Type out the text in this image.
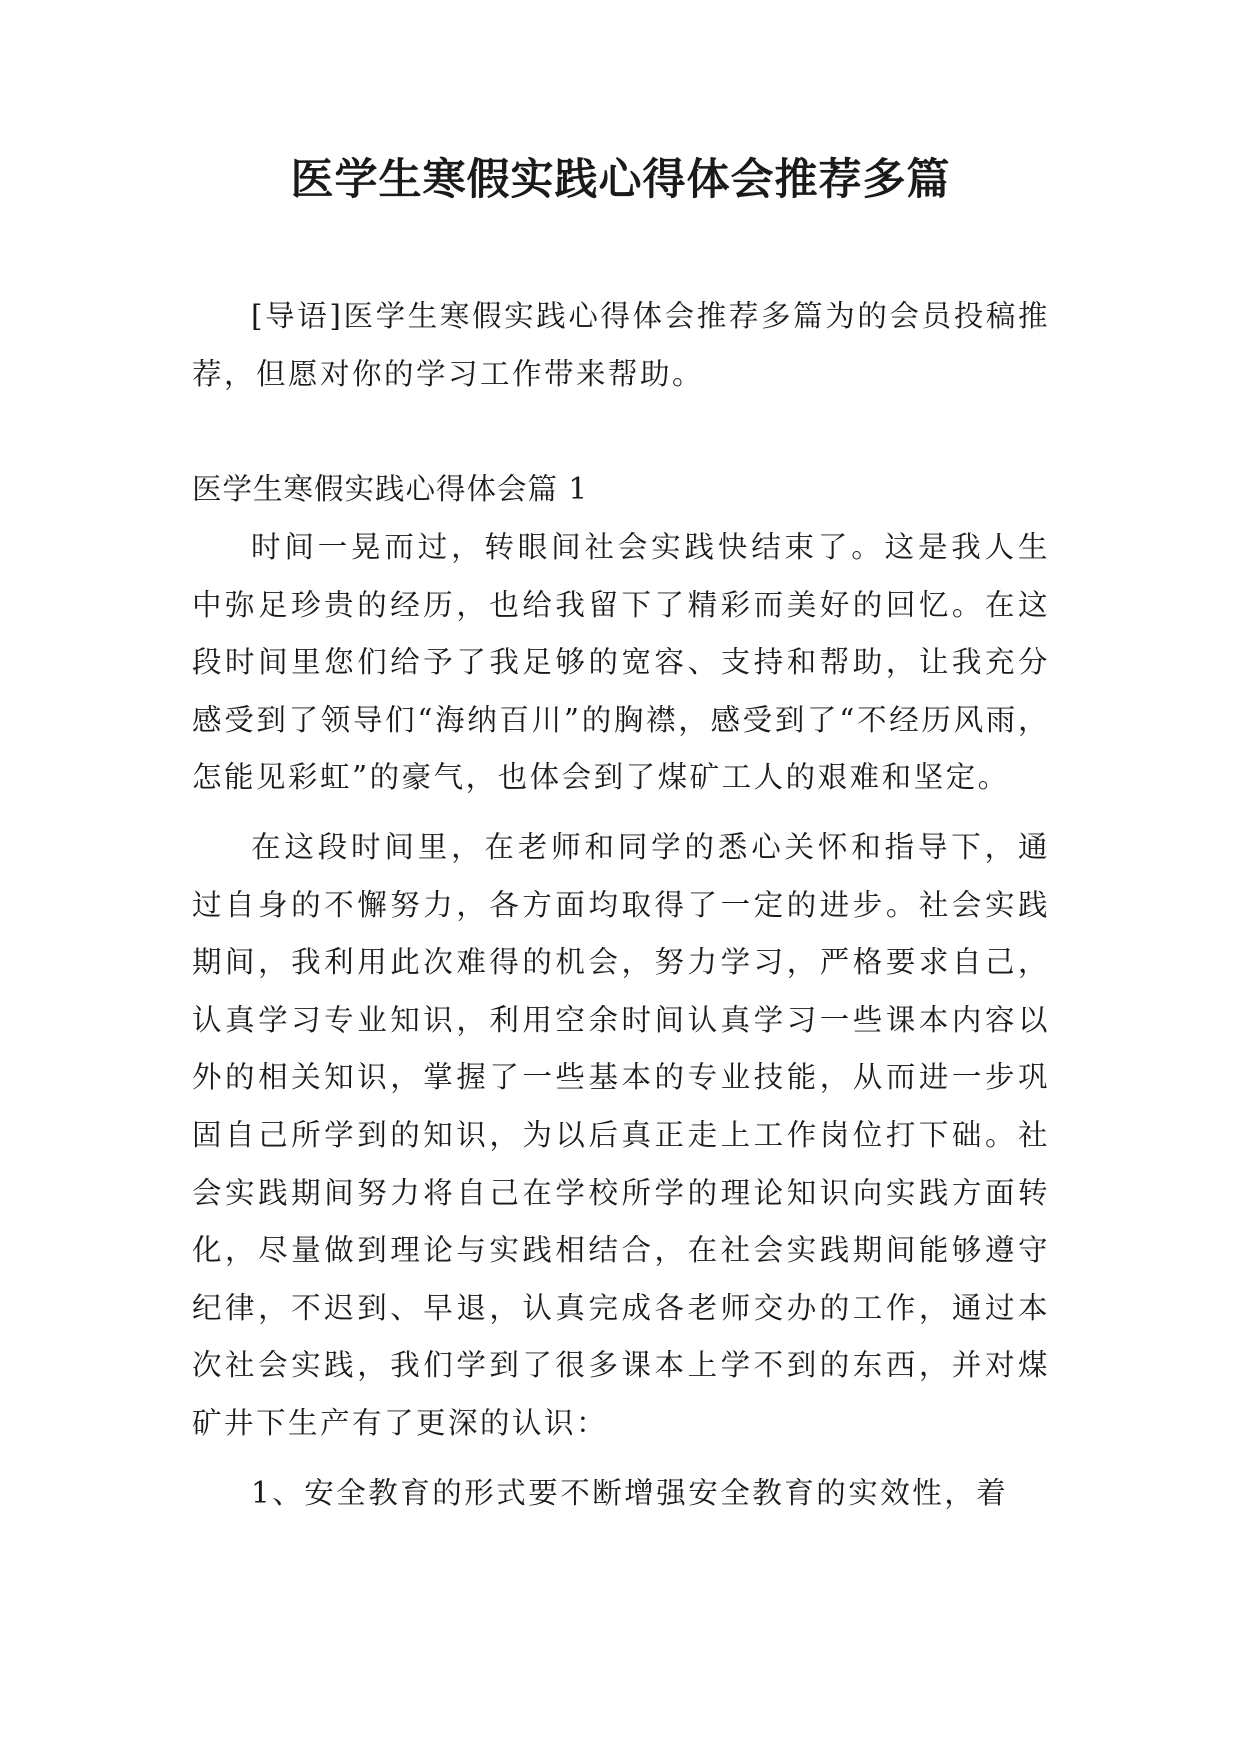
医学生寒假实践心得体会推荐多篇

[导语]医学生寒假实践心得体会推荐多篇为的会员投稿推荐，但愿对你的学习工作带来帮助。

医学生寒假实践心得体会篇 1

时间一晃而过，转眼间社会实践快结束了。这是我人生中弥足珍贵的经历，也给我留下了精彩而美好的回忆。在这段时间里您们给予了我足够的宽容、支持和帮助，让我充分感受到了领导们“海纳百川”的胸襟，感受到了“不经历风雨，怎能见彩虹”的豪气，也体会到了煤矿工人的艰难和坚定。

在这段时间里，在老师和同学的悉心关怀和指导下，通过自身的不懈努力，各方面均取得了一定的进步。社会实践期间，我利用此次难得的机会，努力学习，严格要求自己，认真学习专业知识，利用空余时间认真学习一些课本内容以外的相关知识，掌握了一些基本的专业技能，从而进一步巩固自己所学到的知识，为以后真正走上工作岗位打下础。社会实践期间努力将自己在学校所学的理论知识向实践方面转化，尽量做到理论与实践相结合，在社会实践期间能够遵守纪律，不迟到、早退，认真完成各老师交办的工作，通过本次社会实践，我们学到了很多课本上学不到的东西，并对煤矿井下生产有了更深的认识：

1、安全教育的形式要不断增强安全教育的实效性，着
